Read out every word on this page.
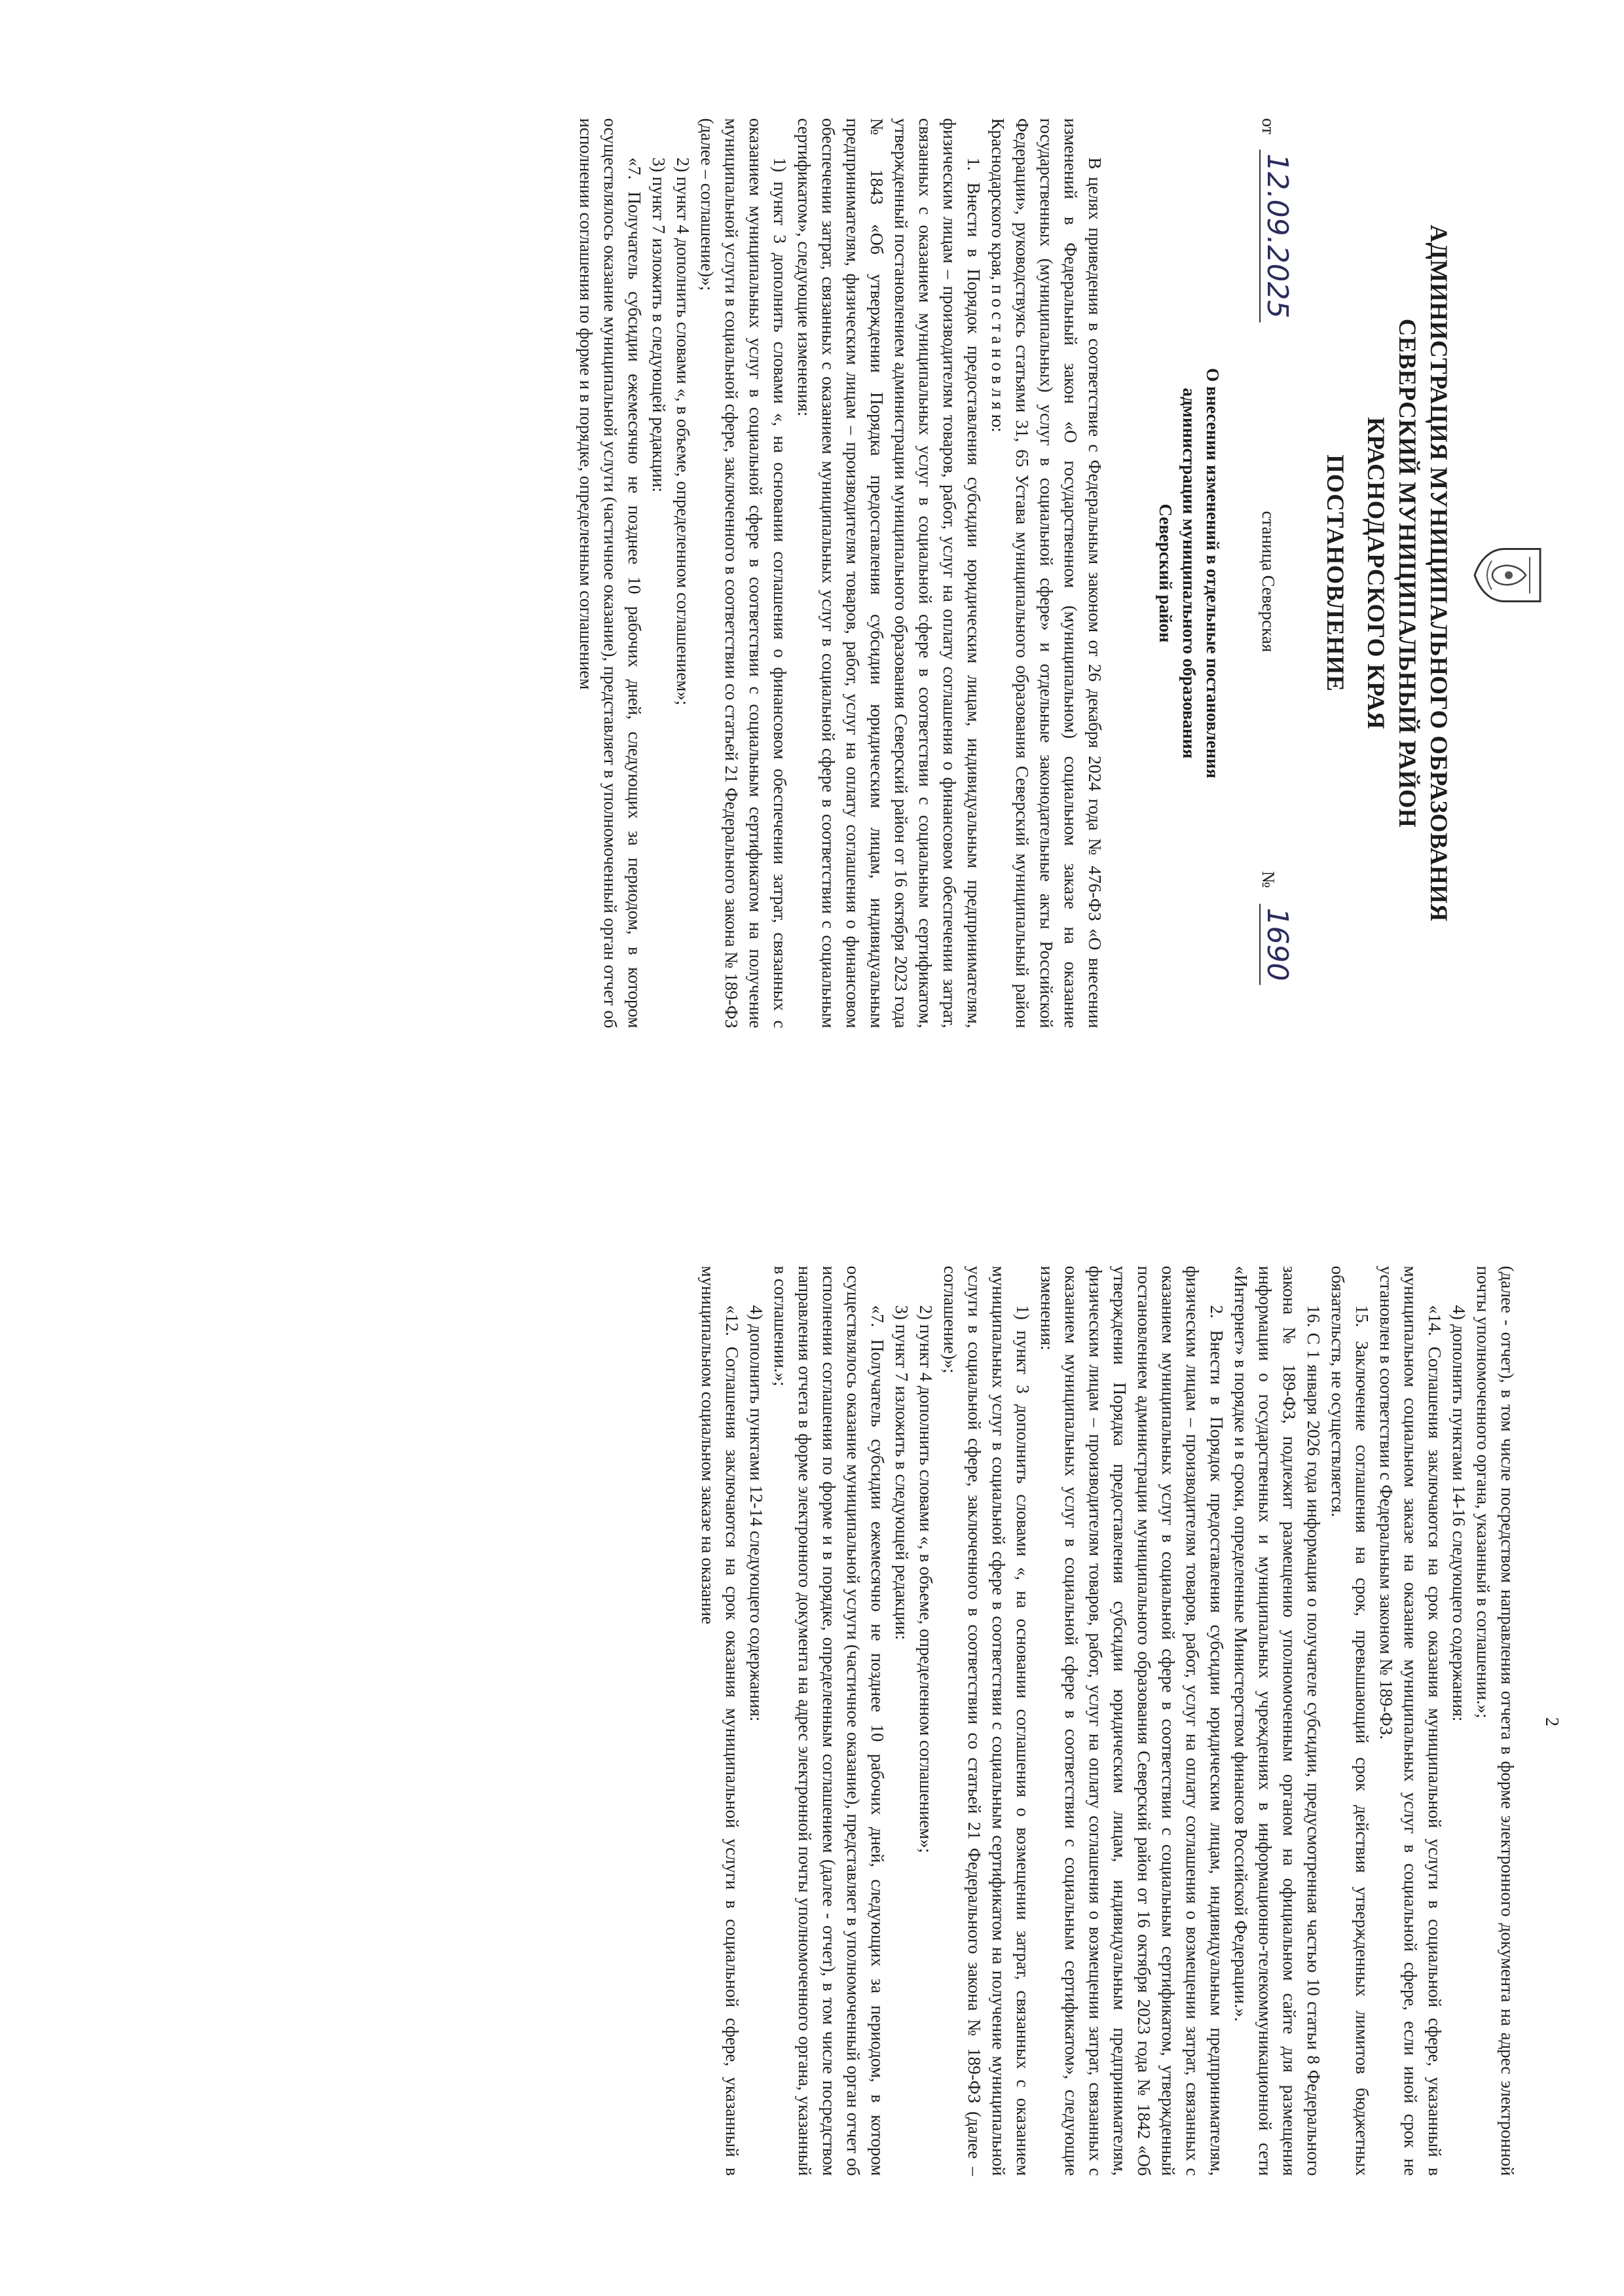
АДМИНИСТРАЦИЯ МУНИЦИПАЛЬНОГО ОБРАЗОВАНИЯ
СЕВЕРСКИЙ МУНИЦИПАЛЬНЫЙ РАЙОН
КРАСНОДАРСКОГО КРАЯ
ПОСТАНОВЛЕНИЕ
от
12.09.2025
станица Северская
№
1690
О внесении изменений в отдельные постановления
администрации муниципального образования
Северский район

В целях приведения в соответствие с Федеральным законом от 26 декабря 2024 года № 476-ФЗ «О внесении изменений в Федеральный закон «О государственном (муниципальном) социальном заказе на оказание государственных (муниципальных) услуг в социальной сфере» и отдельные законодательные акты Российской Федерации», руководствуясь статьями 31, 65 Устава муниципального образования Северский муниципальный район Краснодарского края, п о с т а н о в л я ю:

1. Внести в Порядок предоставления субсидии юридическим лицам, индивидуальным предпринимателям, физическим лицам – производителям товаров, работ, услуг на оплату соглашения о финансовом обеспечении затрат, связанных с оказанием муниципальных услуг в социальной сфере в соответствии с социальным сертификатом, утвержденный постановлением администрации муниципального образования Северский район от 16 октября 2023 года № 1843 «Об утверждении Порядка предоставления субсидии юридическим лицам, индивидуальным предпринимателям, физическим лицам – производителям товаров, работ, услуг на оплату соглашения о финансовом обеспечении затрат, связанных с оказанием муниципальных услуг в социальной сфере в соответствии с социальным сертификатом», следующие изменения:

1) пункт 3 дополнить словами «, на основании соглашения о финансовом обеспечении затрат, связанных с оказанием муниципальных услуг в социальной сфере в соответствии с социальным сертификатом на получение муниципальной услуги в социальной сфере, заключенного в соответствии со статьей 21 Федерального закона № 189-ФЗ (далее – соглашение)»;

2) пункт 4 дополнить словами «, в объеме, определенном соглашением»;

3) пункт 7 изложить в следующей редакции:

«7. Получатель субсидии ежемесячно не позднее 10 рабочих дней, следующих за периодом, в котором осуществлялось оказание муниципальной услуги (частичное оказание), представляет в уполномоченный орган отчет об исполнении соглашения по форме и в порядке, определенным соглашением

2

(далее - отчет), в том числе посредством направления отчета в форме электронного документа на адрес электронной почты уполномоченного органа, указанный в соглашении.»;

4) дополнить пунктами 14-16 следующего содержания:

«14. Соглашения заключаются на срок оказания муниципальной услуги в социальной сфере, указанный в муниципальном социальном заказе на оказание муниципальных услуг в социальной сфере, если иной срок не установлен в соответствии с Федеральным законом № 189-ФЗ.

15. Заключение соглашения на срок, превышающий срок действия утвержденных лимитов бюджетных обязательств, не осуществляется.

16. С 1 января 2026 года информация о получателе субсидии, предусмотренная частью 10 статьи 8 Федерального закона № 189-ФЗ, подлежит размещению уполномоченным органом на официальном сайте для размещения информации о государственных и муниципальных учреждениях в информационно-телекоммуникационной сети «Интернет» в порядке и в сроки, определенные Министерством финансов Российской Федерации.».

2. Внести в Порядок предоставления субсидии юридическим лицам, индивидуальным предпринимателям, физическим лицам – производителям товаров, работ, услуг на оплату соглашения о возмещении затрат, связанных с оказанием муниципальных услуг в социальной сфере в соответствии с социальным сертификатом, утвержденный постановлением администрации муниципального образования Северский район от 16 октября 2023 года № 1842 «Об утверждении Порядка предоставления субсидии юридическим лицам, индивидуальным предпринимателям, физическим лицам – производителям товаров, работ, услуг на оплату соглашения о возмещении затрат, связанных с оказанием муниципальных услуг в социальной сфере в соответствии с социальным сертификатом», следующие изменения:

1) пункт 3 дополнить словами «, на основании соглашения о возмещении затрат, связанных с оказанием муниципальных услуг в социальной сфере в соответствии с социальным сертификатом на получение муниципальной услуги в социальной сфере, заключенного в соответствии со статьей 21 Федерального закона № 189-ФЗ (далее – соглашение)»;

2) пункт 4 дополнить словами «, в объеме, определенном соглашением»;

3) пункт 7 изложить в следующей редакции:

«7. Получатель субсидии ежемесячно не позднее 10 рабочих дней, следующих за периодом, в котором осуществлялось оказание муниципальной услуги (частичное оказание), представляет в уполномоченный орган отчет об исполнении соглашения по форме и в порядке, определенным соглашением (далее - отчет), в том числе посредством направления отчета в форме электронного документа на адрес электронной почты уполномоченного органа, указанный в соглашении.»;

4) дополнить пунктами 12-14 следующего содержания:

«12. Соглашения заключаются на срок оказания муниципальной услуги в социальной сфере, указанный в муниципальном социальном заказе на оказание
